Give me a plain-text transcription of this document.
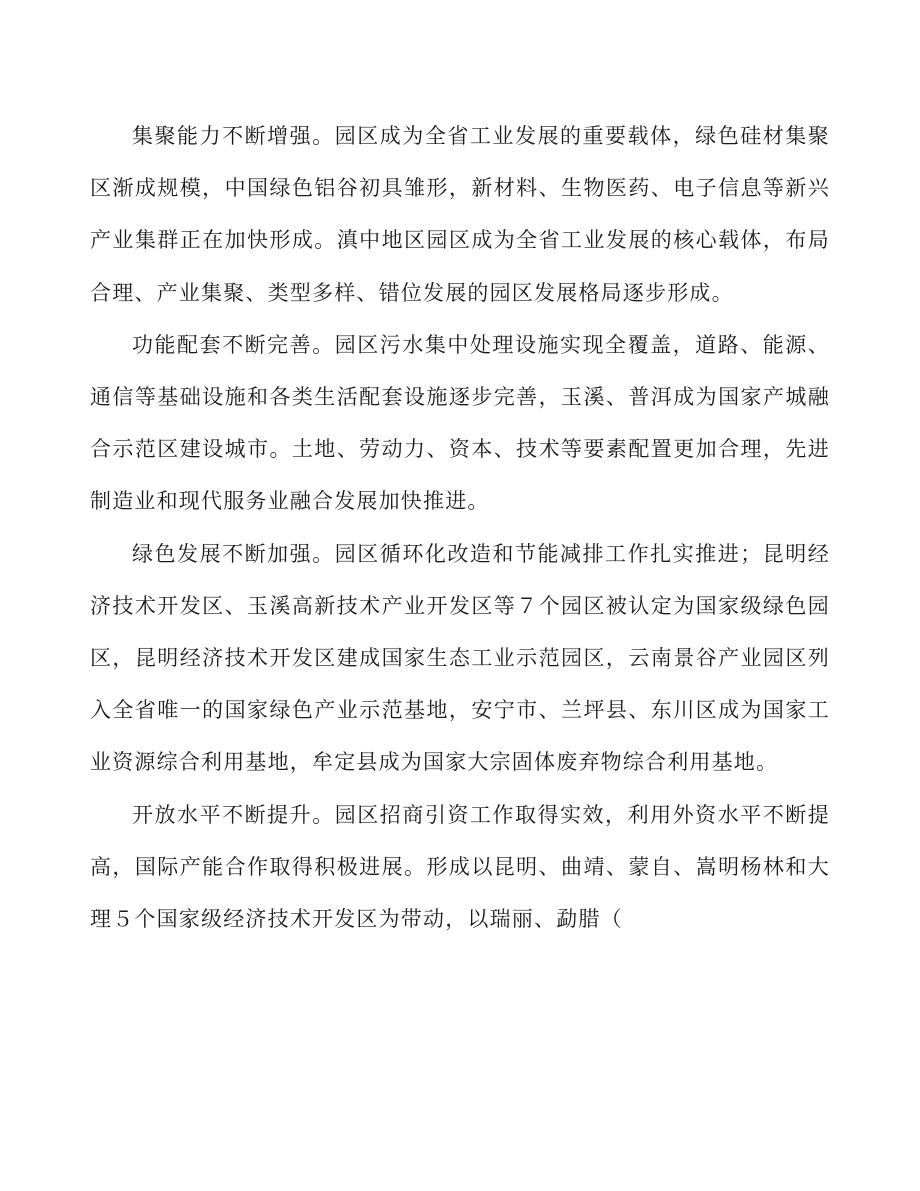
集聚能力不断增强。园区成为全省工业发展的重要载体，绿色硅材集聚区渐成规模，中国绿色铝谷初具雏形，新材料、生物医药、电子信息等新兴产业集群正在加快形成。滇中地区园区成为全省工业发展的核心载体，布局合理、产业集聚、类型多样、错位发展的园区发展格局逐步形成。

功能配套不断完善。园区污水集中处理设施实现全覆盖，道路、能源、通信等基础设施和各类生活配套设施逐步完善，玉溪、普洱成为国家产城融合示范区建设城市。土地、劳动力、资本、技术等要素配置更加合理，先进制造业和现代服务业融合发展加快推进。

绿色发展不断加强。园区循环化改造和节能减排工作扎实推进；昆明经济技术开发区、玉溪高新技术产业开发区等７个园区被认定为国家级绿色园区，昆明经济技术开发区建成国家生态工业示范园区，云南景谷产业园区列入全省唯一的国家绿色产业示范基地，安宁市、兰坪县、东川区成为国家工业资源综合利用基地，牟定县成为国家大宗固体废弃物综合利用基地。

开放水平不断提升。园区招商引资工作取得实效，利用外资水平不断提高，国际产能合作取得积极进展。形成以昆明、曲靖、蒙自、嵩明杨林和大理５个国家级经济技术开发区为带动，以瑞丽、勐腊（
